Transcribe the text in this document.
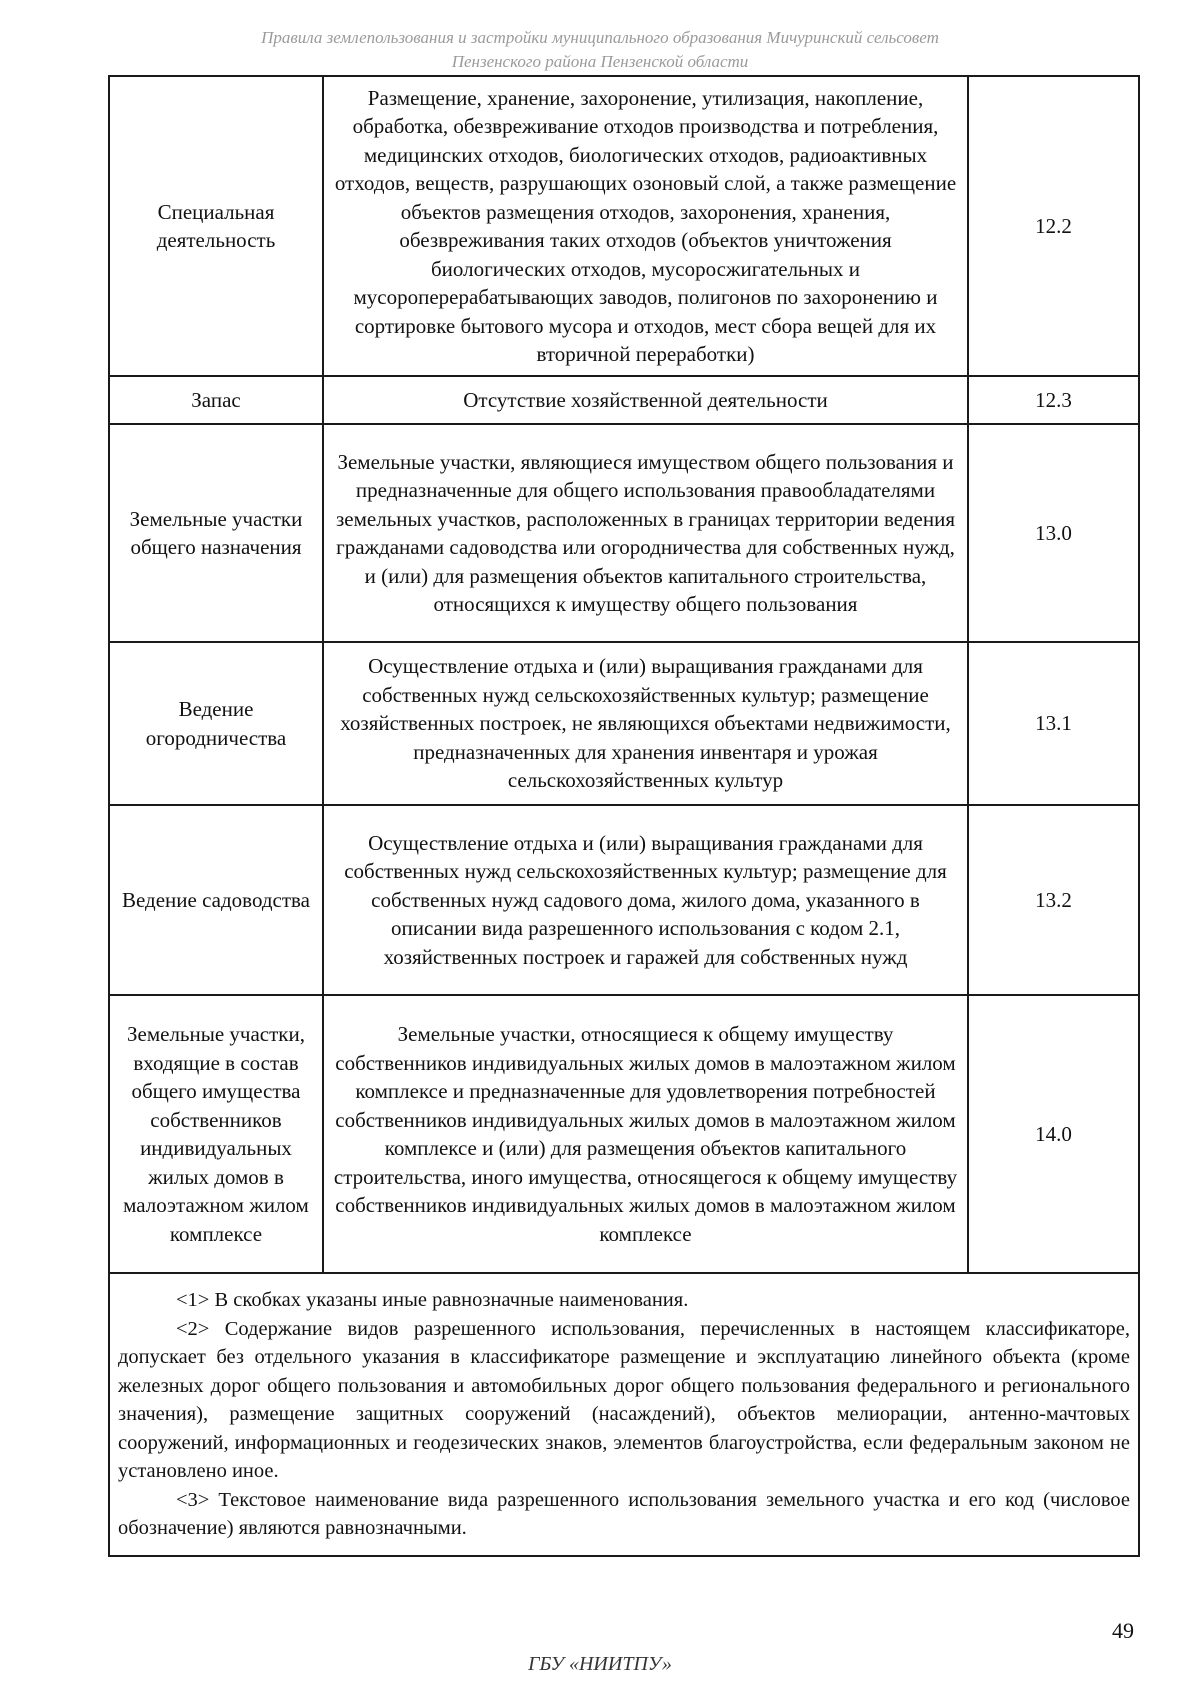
Правила землепользования и застройки муниципального образования Мичуринский сельсовет
Пензенского района Пензенской области
Специальная деятельность	Размещение, хранение, захоронение, утилизация, накопление, обработка, обезвреживание отходов производства и потребления, медицинских отходов, биологических отходов, радиоактивных отходов, веществ, разрушающих озоновый слой, а также размещение объектов размещения отходов, захоронения, хранения, обезвреживания таких отходов (объектов уничтожения биологических отходов, мусоросжигательных и мусороперерабатывающих заводов, полигонов по захоронению и сортировке бытового мусора и отходов, мест сбора вещей для их вторичной переработки)	12.2
Запас	Отсутствие хозяйственной деятельности	12.3
Земельные участки общего назначения	Земельные участки, являющиеся имуществом общего пользования и предназначенные для общего использования правообладателями земельных участков, расположенных в границах территории ведения гражданами садоводства или огородничества для собственных нужд, и (или) для размещения объектов капитального строительства, относящихся к имуществу общего пользования	13.0
Ведение огородничества	Осуществление отдыха и (или) выращивания гражданами для собственных нужд сельскохозяйственных культур; размещение хозяйственных построек, не являющихся объектами недвижимости, предназначенных для хранения инвентаря и урожая сельскохозяйственных культур	13.1
Ведение садоводства	Осуществление отдыха и (или) выращивания гражданами для собственных нужд сельскохозяйственных культур; размещение для собственных нужд садового дома, жилого дома, указанного в описании вида разрешенного использования с кодом 2.1, хозяйственных построек и гаражей для собственных нужд	13.2
Земельные участки, входящие в состав общего имущества собственников индивидуальных жилых домов в малоэтажном жилом комплексе	Земельные участки, относящиеся к общему имуществу собственников индивидуальных жилых домов в малоэтажном жилом комплексе и предназначенные для удовлетворения потребностей собственников индивидуальных жилых домов в малоэтажном жилом комплексе и (или) для размещения объектов капитального строительства, иного имущества, относящегося к общему имуществу собственников индивидуальных жилых домов в малоэтажном жилом комплексе	14.0

<1> В скобках указаны иные равнозначные наименования.

<2> Содержание видов разрешенного использования, перечисленных в настоящем классификаторе, допускает без отдельного указания в классификаторе размещение и эксплуатацию линейного объекта (кроме железных дорог общего пользования и автомобильных дорог общего пользования федерального и регионального значения), размещение защитных сооружений (насаждений), объектов мелиорации, антенно-мачтовых сооружений, информационных и геодезических знаков, элементов благоустройства, если федеральным законом не установлено иное.

<3> Текстовое наименование вида разрешенного использования земельного участка и его код (числовое обозначение) являются равнозначными.		

49
ГБУ «НИИТПУ»
